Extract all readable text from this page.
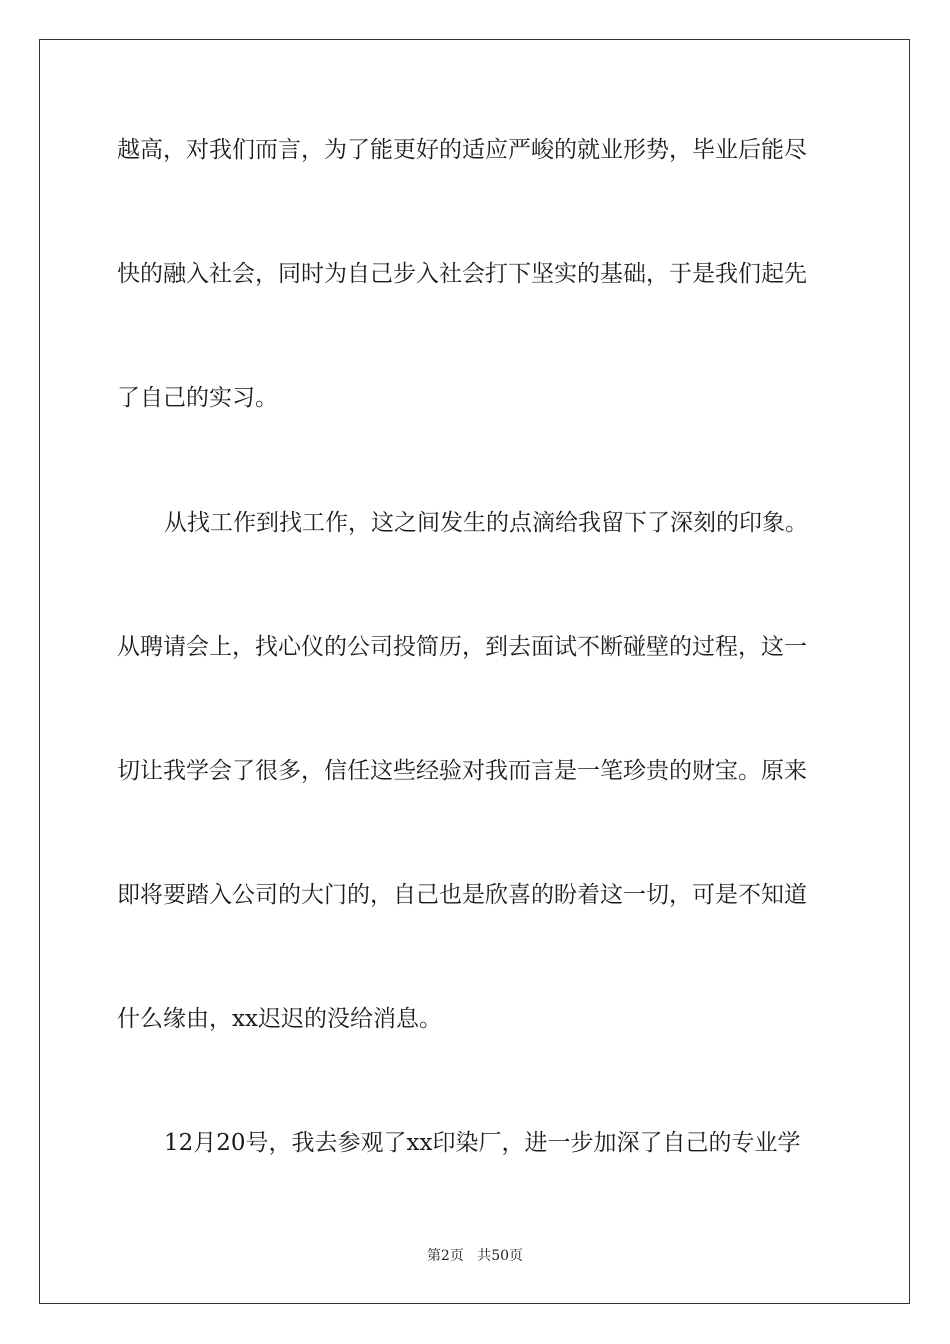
越高，对我们而言，为了能更好的适应严峻的就业形势，毕业后能尽
快的融入社会，同时为自己步入社会打下坚实的基础，于是我们起先
了自己的实习。
从找工作到找工作，这之间发生的点滴给我留下了深刻的印象。
从聘请会上，找心仪的公司投简历，到去面试不断碰壁的过程，这一
切让我学会了很多，信任这些经验对我而言是一笔珍贵的财宝。原来
即将要踏入公司的大门的，自己也是欣喜的盼着这一切，可是不知道
什么缘由，xx迟迟的没给消息。
12月20号，我去参观了xx印染厂，进一步加深了自己的专业学
第2页 共50页
